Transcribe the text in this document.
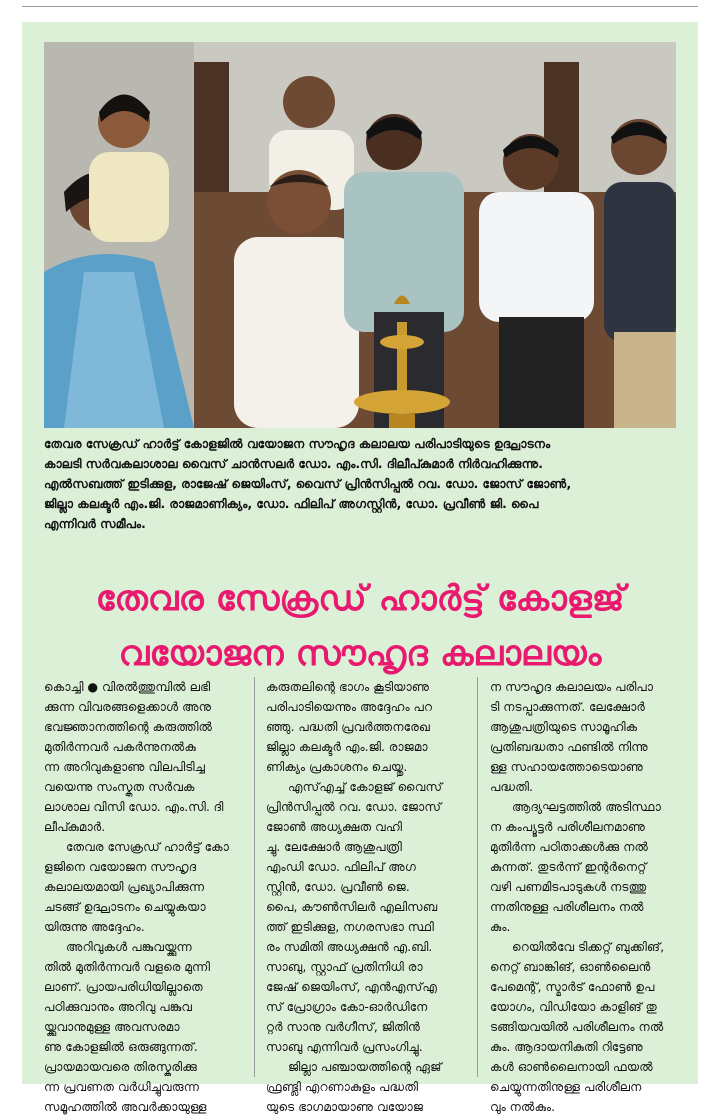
തേവര സേക്രഡ് ഹാർട്ട് കോളജിൽ വയോജന സൗഹൃദ കലാലയ പരിപാടിയുടെ ഉദ്ഘാടനം
കാലടി സർവകലാശാല വൈസ് ചാൻസലർ ഡോ. എം.സി. ദിലീപ്കുമാർ നിർവഹിക്കുന്നു.
എൽസബത്ത് ഇടിക്കുള, രാജേഷ് ജെയിംസ്, വൈസ് പ്രിൻസിപ്പൽ റവ. ഡോ. ജോസ് ജോൺ,
ജില്ലാ കലക്ടർ എം.ജി. രാജമാണിക്യം, ഡോ. ഫിലിപ് അഗസ്റ്റിൻ, ഡോ. പ്രവീൺ ജി. പൈ
എന്നിവർ സമീപം.
തേവര സേക്രഡ് ഹാർട്ട് കോളജ്
വയോജന സൗഹൃദ കലാലയം
കൊച്ചി ● വിരൽത്തുമ്പിൽ ലഭി
ക്കുന്ന വിവരങ്ങളെക്കാൾ അനു
ഭവജ്ഞാനത്തിന്റെ കരുത്തിൽ
മുതിർന്നവർ പകർന്നുനൽകു
ന്ന അറിവുകളാണു വിലപിടിച്ച
വയെന്നു സംസ്കൃത സർവക
ലാശാല വിസി ഡോ. എം.സി. ദി
ലീപ്കുമാർ.
തേവര സേക്രഡ് ഹാർട്ട് കോ
ളജിനെ വയോജന സൗഹൃദ
കലാലയമായി പ്രഖ്യാപിക്കുന്ന
ചടങ്ങ് ഉദ്ഘാടനം ചെയ്യുകയാ
യിരുന്നു അദ്ദേഹം.
അറിവുകൾ പങ്കുവയ്ക്കുന്ന
തിൽ മുതിർന്നവർ വളരെ മുന്നി
ലാണ്. പ്രായപരിധിയില്ലാതെ
പഠിക്കുവാനും അറിവു പങ്കുവ
യ്ക്കുവാനുമുള്ള അവസരമാ
ണു കോളജിൽ ഒരുങ്ങുന്നത്.
പ്രായമായവരെ തിരസ്കരിക്കു
ന്ന പ്രവണത വർധിച്ചുവരുന്ന
സമൂഹത്തിൽ അവർക്കായുള്ള
കരുതലിന്റെ ഭാഗം കൂടിയാണു
പരിപാടിയെന്നും അദ്ദേഹം പറ
ഞ്ഞു. പദ്ധതി പ്രവർത്തനരേഖ
ജില്ലാ കലക്ടർ എം.ജി. രാജമാ
ണിക്യം പ്രകാശനം ചെയ്തു.
എസ്എച്ച് കോളജ് വൈസ്
പ്രിൻസിപ്പൽ റവ. ഡോ. ജോസ്
ജോൺ അധ്യക്ഷത വഹി
ച്ചു. ലേക്ഷോർ ആശുപത്രി
എംഡി ഡോ. ഫിലിപ് അഗ
സ്റ്റിൻ, ഡോ. പ്രവീൺ ജെ.
പൈ, കൗൺസിലർ എലിസബ
ത്ത് ഇടിക്കുള, നഗരസഭാ സ്ഥി
രം സമിതി അധ്യക്ഷൻ എ.ബി.
സാബു, സ്റ്റാഫ് പ്രതിനിധി രാ
ജേഷ് ജെയിംസ്, എൻഎസ്എ
സ് പ്രോഗ്രാം കോ-ഓർഡിനേ
റ്റർ സാനു വർഗീസ്, ജിതിൻ
സാബു എന്നിവർ പ്രസംഗിച്ചു.
ജില്ലാ പഞ്ചായത്തിന്റെ ഏജ്
ഫ്രണ്ട്ലി എറണാകുളം പദ്ധതി
യുടെ ഭാഗമായാണു വയോജ
ന സൗഹൃദ കലാലയം പരിപാ
ടി നടപ്പാക്കുന്നത്. ലേക്ഷോർ
ആശുപത്രിയുടെ സാമൂഹിക
പ്രതിബദ്ധതാ ഫണ്ടിൽ നിന്നു
ള്ള സഹായത്തോടെയാണു
പദ്ധതി.
ആദ്യഘട്ടത്തിൽ അടിസ്ഥാ
ന കംപ്യൂട്ടർ പരിശീലനമാണു
മുതിർന്ന പഠിതാക്കൾക്കു നൽ
കുന്നത്. തുടർന്ന് ഇന്റർനെറ്റ്
വഴി പണമിടപാടുകൾ നടത്തു
ന്നതിനുള്ള പരിശീലനം നൽ
കും.
റെയിൽവേ ടിക്കറ്റ് ബുക്കിങ്,
നെറ്റ് ബാങ്കിങ്, ഓൺലൈൻ
പേമെന്റ്, സ്മാർട് ഫോൺ ഉപ
യോഗം, വിഡിയോ കാളിങ് തു
ടങ്ങിയവയിൽ പരിശീലനം നൽ
കും. ആദായനികുതി റിട്ടേണു
കൾ ഓൺലൈനായി ഫയൽ
ചെയ്യുന്നതിനുള്ള പരിശീലന
വും നൽകും.
